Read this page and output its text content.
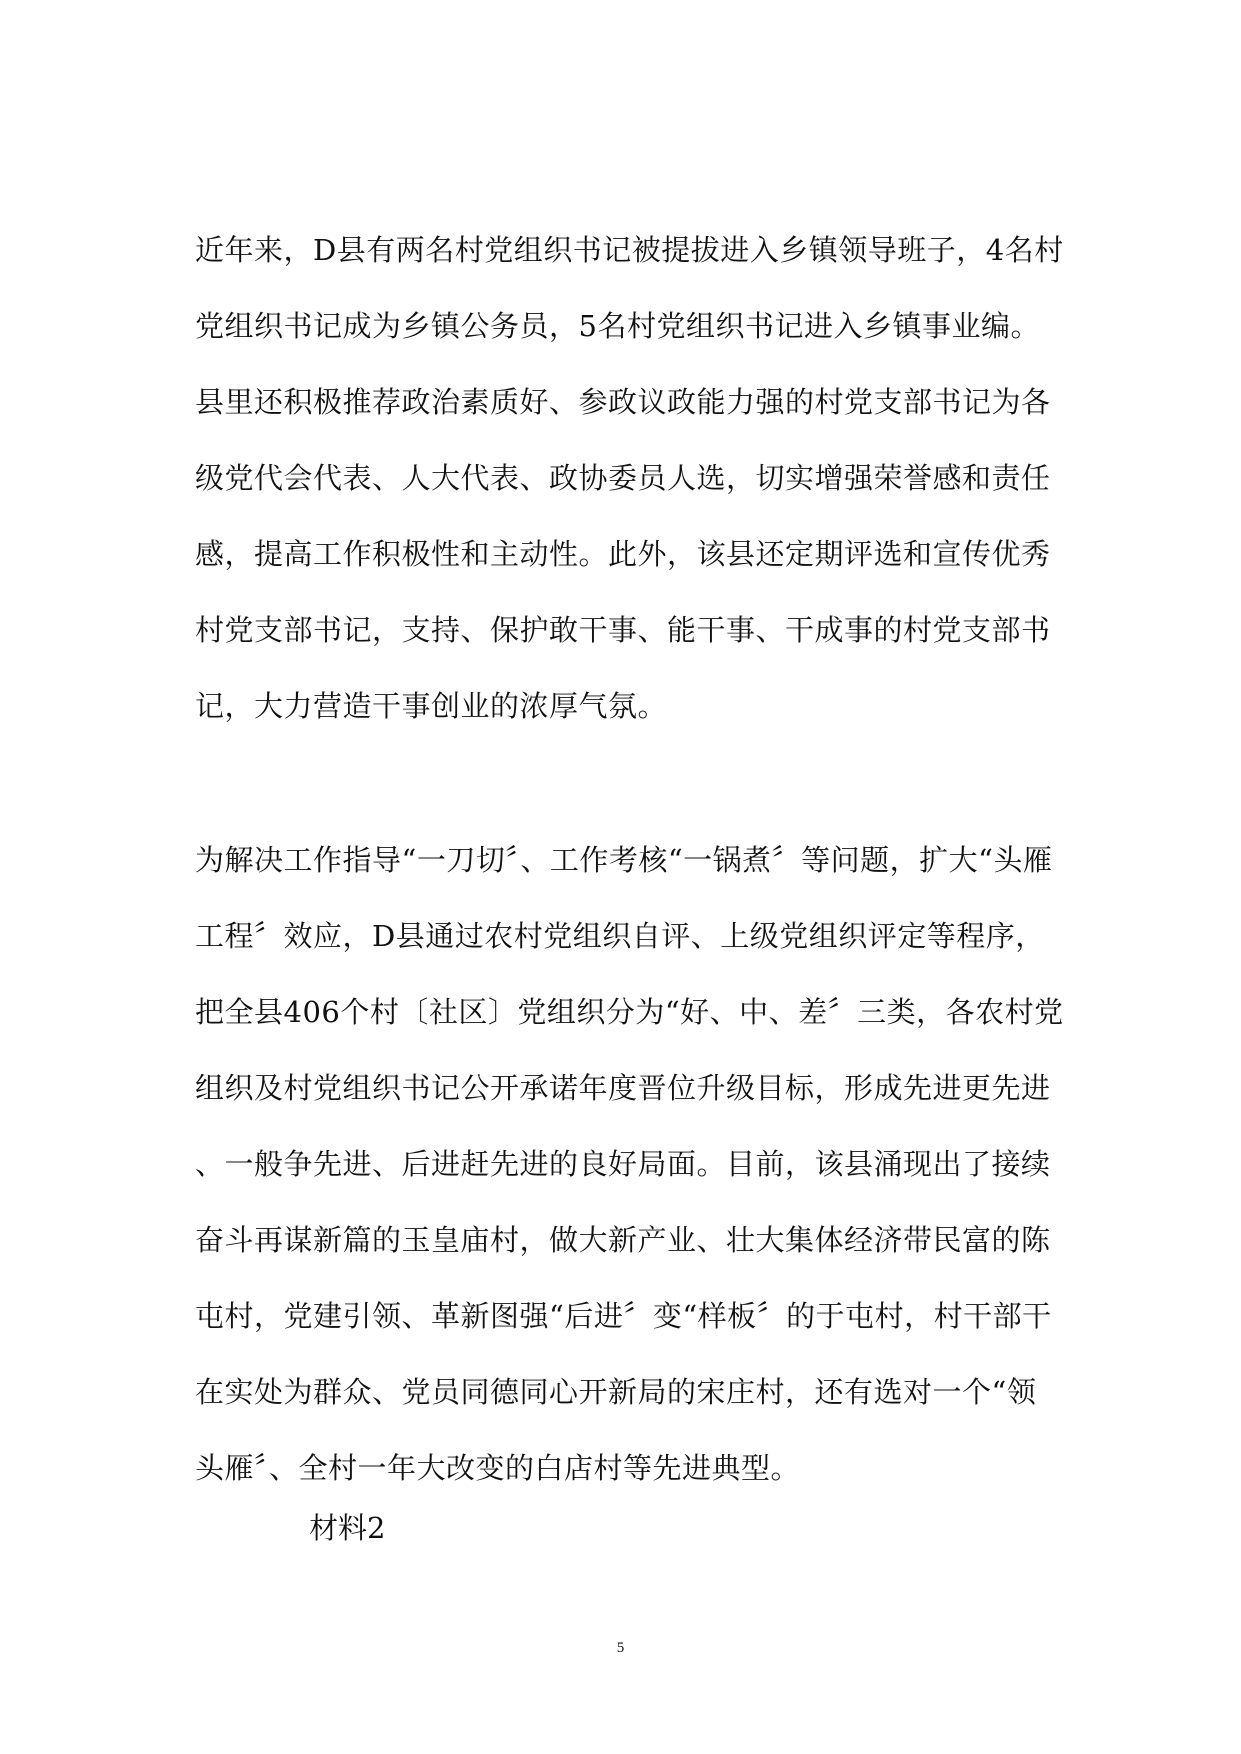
近年来，D县有两名村党组织书记被提拔进入乡镇领导班子，4名村
党组织书记成为乡镇公务员，5名村党组织书记进入乡镇事业编。
县里还积极推荐政治素质好、参政议政能力强的村党支部书记为各
级党代会代表、人大代表、政协委员人选，切实增强荣誉感和责任
感，提高工作积极性和主动性。此外，该县还定期评选和宣传优秀
村党支部书记，支持、保护敢干事、能干事、干成事的村党支部书
记，大力营造干事创业的浓厚气氛。
为解决工作指导“一刀切〞、工作考核“一锅煮〞等问题，扩大“头雁
工程〞效应，D县通过农村党组织自评、上级党组织评定等程序，
把全县406个村〔社区〕党组织分为“好、中、差〞三类，各农村党
组织及村党组织书记公开承诺年度晋位升级目标，形成先进更先进
、一般争先进、后进赶先进的良好局面。目前，该县涌现出了接续
奋斗再谋新篇的玉皇庙村，做大新产业、壮大集体经济带民富的陈
屯村，党建引领、革新图强“后进〞变“样板〞的于屯村，村干部干
在实处为群众、党员同德同心开新局的宋庄村，还有选对一个“领
头雁〞、全村一年大改变的白店村等先进典型。
材料2
5
